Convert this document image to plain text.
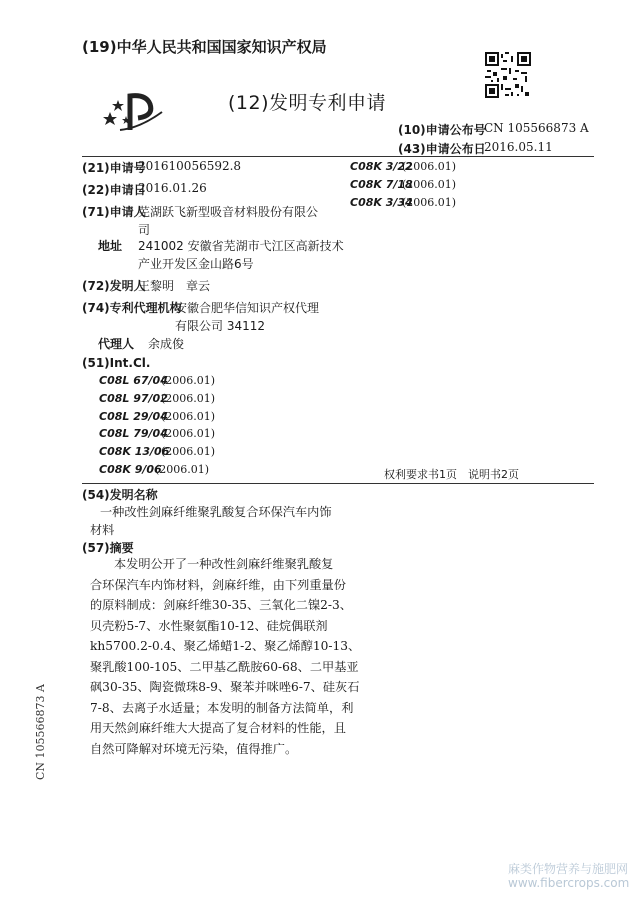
(19)中华人民共和国国家知识产权局
(12)发明专利申请
(10)申请公布号
CN 105566873 A
(43)申请公布日
2016.05.11
(21)申请号
201610056592.8
(22)申请日
2016.01.26
(71)申请人
芜湖跃飞新型吸音材料股份有限公
司
地址 241002 安徽省芜湖市弋江区高新技术
产业开发区金山路6号
(72)发明人
王黎明　章云
(74)专利代理机构
安徽合肥华信知识产权代理
有限公司 34112
代理人 余成俊
(51)Int.Cl.
C08L 67/04(2006.01)
C08L 97/02(2006.01)
C08L 29/04(2006.01)
C08L 79/04(2006.01)
C08K 13/06(2006.01)
C08K 9/06(2006.01)
C08K 3/22(2006.01)
C08K 7/18(2006.01)
C08K 3/34(2006.01)
权利要求书1页　说明书2页
(54)发明名称
一种改性剑麻纤维聚乳酸复合环保汽车内饰
材料
(57)摘要
本发明公开了一种改性剑麻纤维聚乳酸复
合环保汽车内饰材料，剑麻纤维，由下列重量份
的原料制成：剑麻纤维30-35、三氧化二镍2-3、
贝壳粉5-7、水性聚氨酯10-12、硅烷偶联剂
kh5700.2-0.4、聚乙烯蜡1-2、聚乙烯醇10-13、
聚乳酸100-105、二甲基乙酰胺60-68、二甲基亚
砜30-35、陶瓷微珠8-9、聚苯并咪唑6-7、硅灰石
7-8、去离子水适量；本发明的制备方法简单，利
用天然剑麻纤维大大提高了复合材料的性能，且
自然可降解对环境无污染，值得推广。
CN 105566873 A
麻类作物营养与施肥网
www.fibercrops.com
